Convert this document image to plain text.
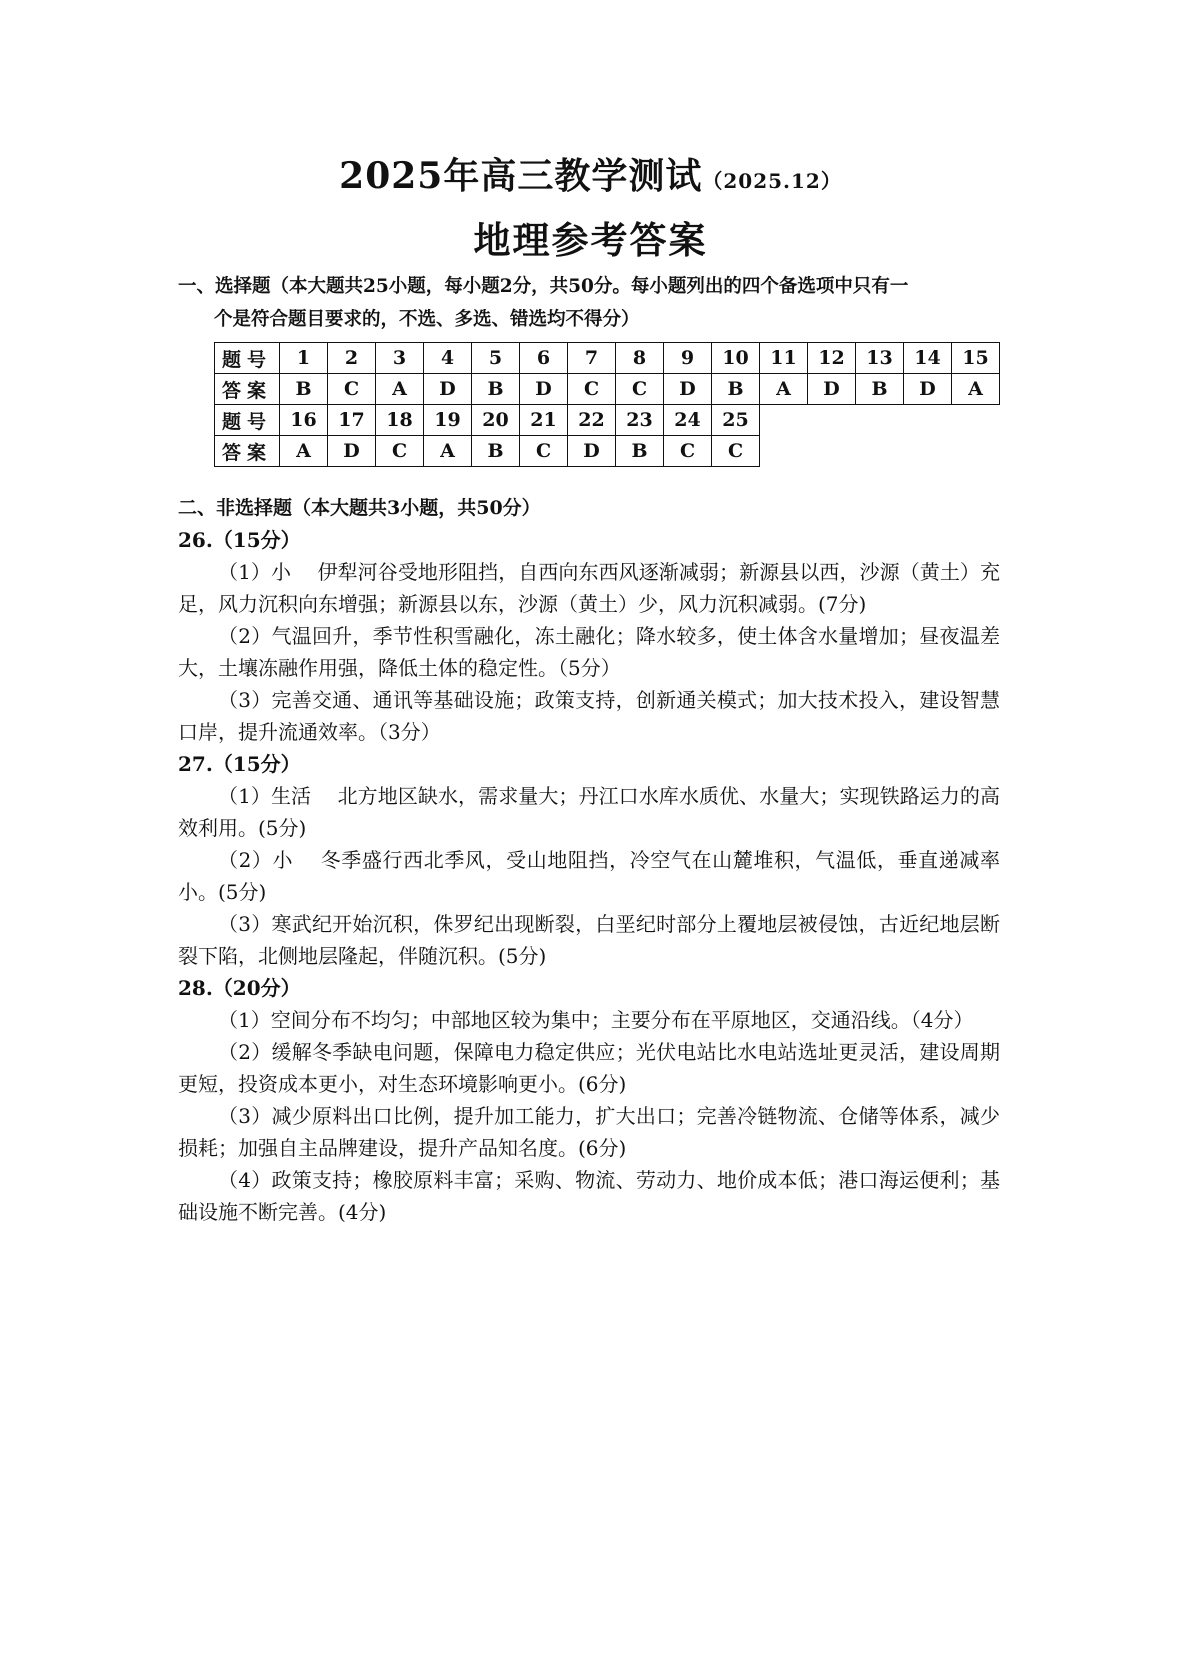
2025年高三教学测试（2025.12）
地理参考答案
一、选择题（本大题共25小题，每小题2分，共50分。每小题列出的四个备选项中只有一
个是符合题目要求的，不选、多选、错选均不得分）
题号	1	2	3	4	5	6	7	8	9	10	11	12	13	14	15
答案	B	C	A	D	B	D	C	C	D	B	A	D	B	D	A
题号	16	17	18	19	20	21	22	23	24	25					
答案	A	D	C	A	B	C	D	B	C	C					
二、非选择题（本大题共3小题，共50分）
26.（15分）

（1）小　 伊犁河谷受地形阻挡，自西向东西风逐渐减弱；新源县以西，沙源（黄土）充足，风力沉积向东增强；新源县以东，沙源（黄土）少，风力沉积减弱。(7分)

（2）气温回升，季节性积雪融化，冻土融化；降水较多，使土体含水量增加；昼夜温差大，土壤冻融作用强，降低土体的稳定性。（5分）

（3）完善交通、通讯等基础设施；政策支持，创新通关模式；加大技术投入，建设智慧口岸，提升流通效率。（3分）

27.（15分）

（1）生活　 北方地区缺水，需求量大；丹江口水库水质优、水量大；实现铁路运力的高效利用。(5分)

（2）小　 冬季盛行西北季风，受山地阻挡，冷空气在山麓堆积，气温低，垂直递减率小。(5分)

（3）寒武纪开始沉积，侏罗纪出现断裂，白垩纪时部分上覆地层被侵蚀，古近纪地层断裂下陷，北侧地层隆起，伴随沉积。(5分)

28.（20分）

（1）空间分布不均匀；中部地区较为集中；主要分布在平原地区，交通沿线。（4分）

（2）缓解冬季缺电问题，保障电力稳定供应；光伏电站比水电站选址更灵活，建设周期更短，投资成本更小，对生态环境影响更小。(6分)

（3）减少原料出口比例，提升加工能力，扩大出口；完善冷链物流、仓储等体系，减少损耗；加强自主品牌建设，提升产品知名度。(6分)

（4）政策支持；橡胶原料丰富；采购、物流、劳动力、地价成本低；港口海运便利；基础设施不断完善。(4分)
